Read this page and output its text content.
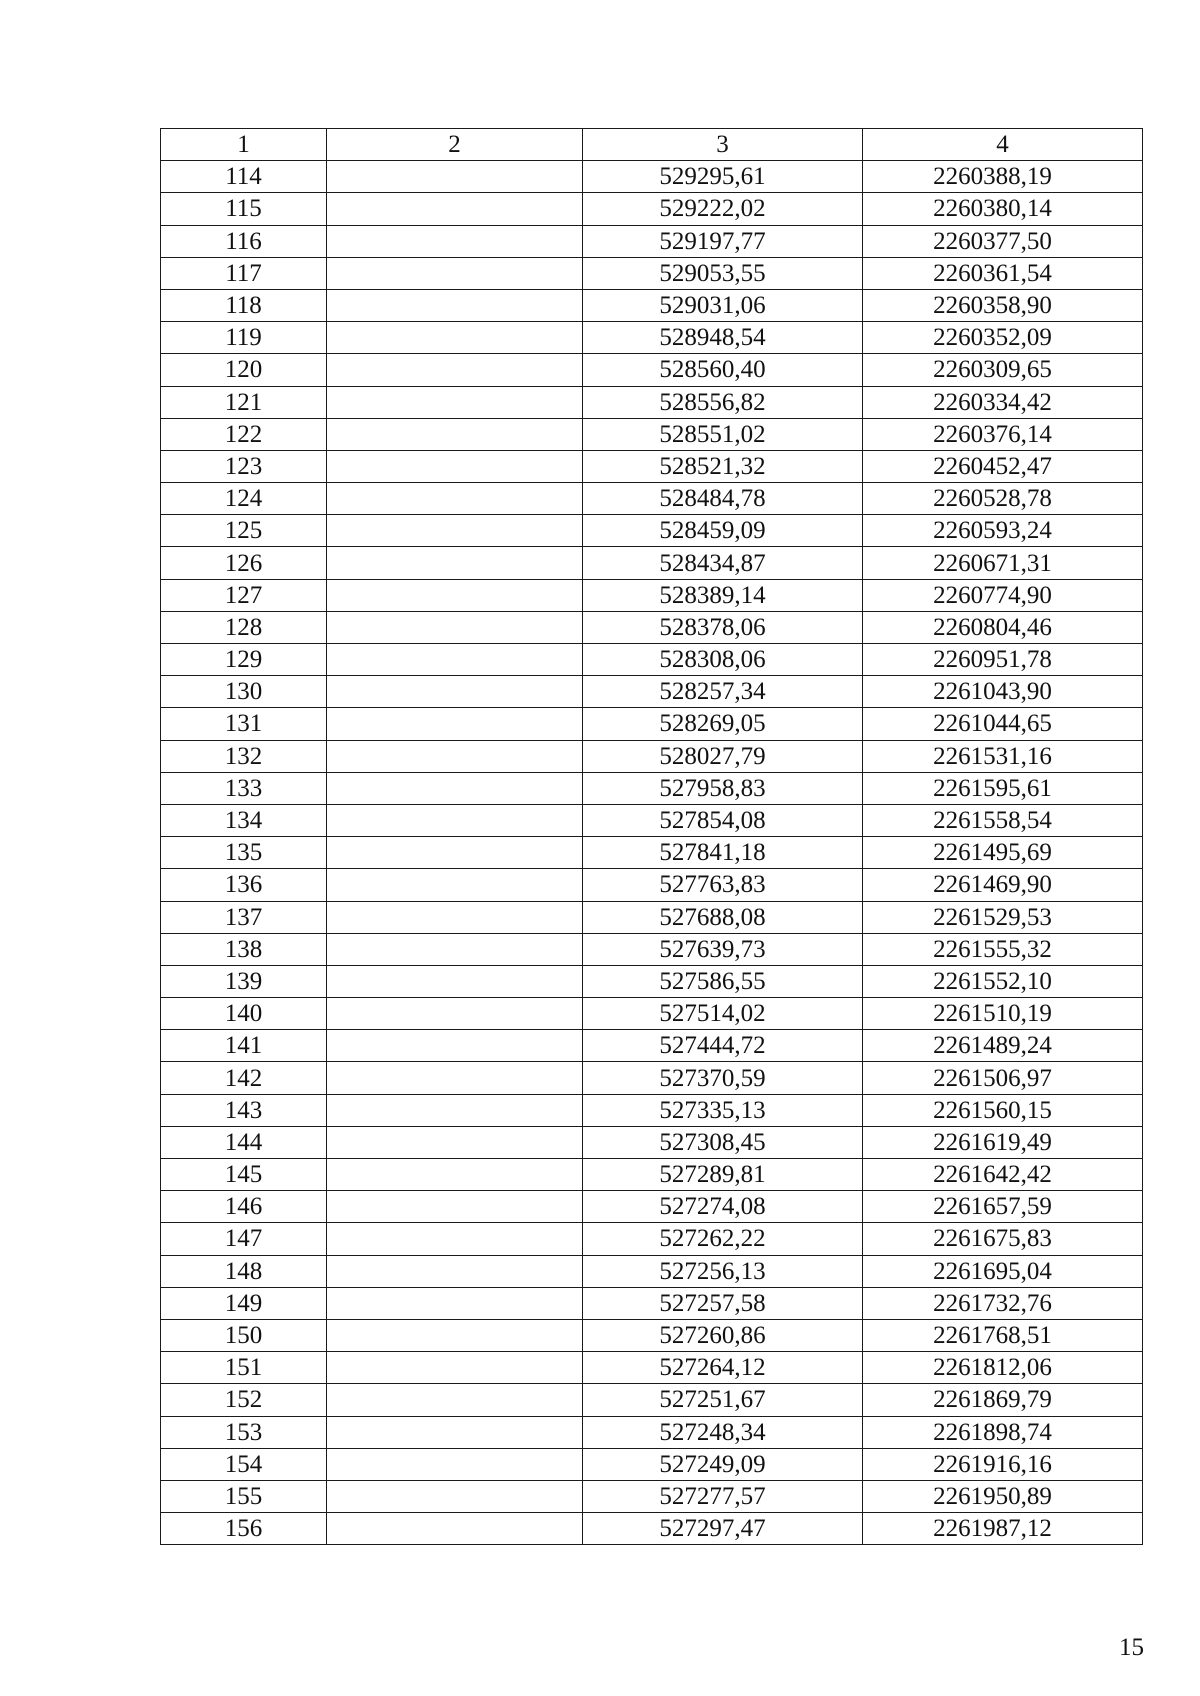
1	2	3	4
114		529295,61	2260388,19
115		529222,02	2260380,14
116		529197,77	2260377,50
117		529053,55	2260361,54
118		529031,06	2260358,90
119		528948,54	2260352,09
120		528560,40	2260309,65
121		528556,82	2260334,42
122		528551,02	2260376,14
123		528521,32	2260452,47
124		528484,78	2260528,78
125		528459,09	2260593,24
126		528434,87	2260671,31
127		528389,14	2260774,90
128		528378,06	2260804,46
129		528308,06	2260951,78
130		528257,34	2261043,90
131		528269,05	2261044,65
132		528027,79	2261531,16
133		527958,83	2261595,61
134		527854,08	2261558,54
135		527841,18	2261495,69
136		527763,83	2261469,90
137		527688,08	2261529,53
138		527639,73	2261555,32
139		527586,55	2261552,10
140		527514,02	2261510,19
141		527444,72	2261489,24
142		527370,59	2261506,97
143		527335,13	2261560,15
144		527308,45	2261619,49
145		527289,81	2261642,42
146		527274,08	2261657,59
147		527262,22	2261675,83
148		527256,13	2261695,04
149		527257,58	2261732,76
150		527260,86	2261768,51
151		527264,12	2261812,06
152		527251,67	2261869,79
153		527248,34	2261898,74
154		527249,09	2261916,16
155		527277,57	2261950,89
156		527297,47	2261987,12
15
